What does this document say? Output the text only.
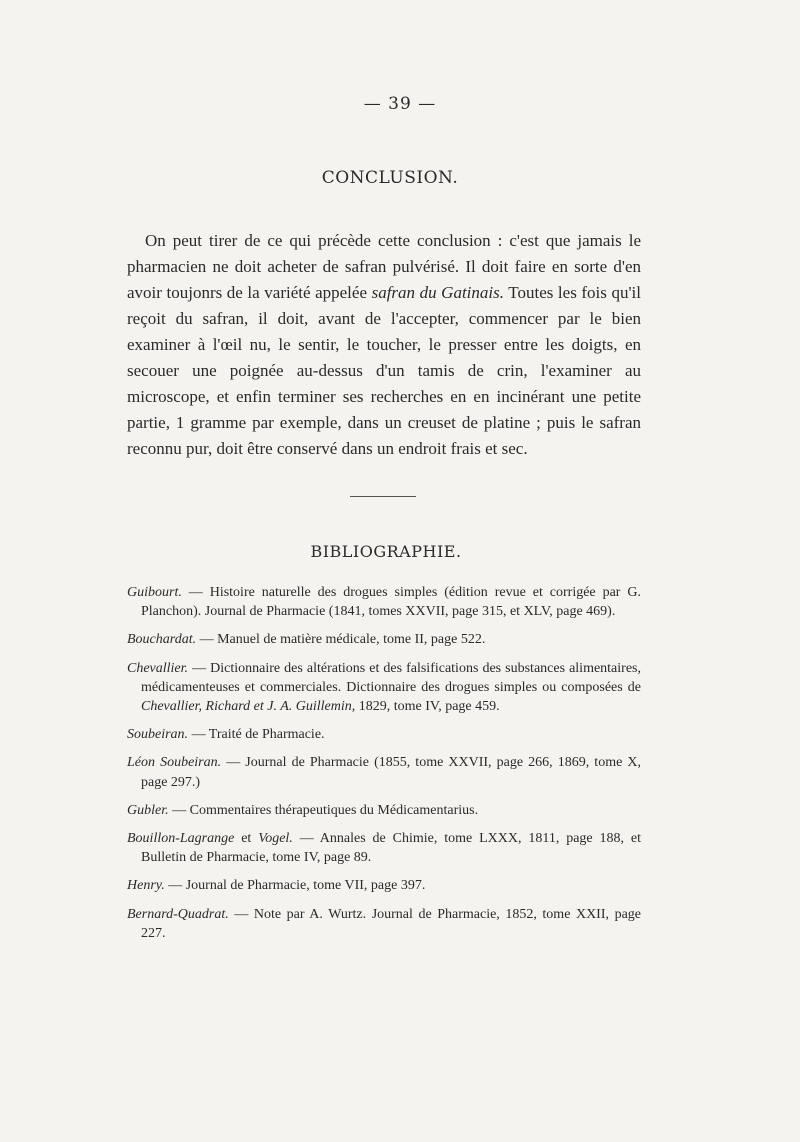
— 39 —
CONCLUSION.

On peut tirer de ce qui précède cette conclusion : c'est que jamais le pharmacien ne doit acheter de safran pulvérisé. Il doit faire en sorte d'en avoir toujonrs de la variété appelée safran du Gatinais. Toutes les fois qu'il reçoit du safran, il doit, avant de l'accepter, commencer par le bien examiner à l'œil nu, le sentir, le toucher, le presser entre les doigts, en secouer une poignée au-dessus d'un tamis de crin, l'examiner au microscope, et enfin terminer ses recherches en en incinérant une petite partie, 1 gramme par exemple, dans un creuset de platine ; puis le safran reconnu pur, doit être conservé dans un endroit frais et sec.

BIBLIOGRAPHIE.

Guibourt. — Histoire naturelle des drogues simples (édition revue et corrigée par G. Planchon). Journal de Pharmacie (1841, tomes XXVII, page 315, et XLV, page 469).

Bouchardat. — Manuel de matière médicale, tome II, page 522.

Chevallier. — Dictionnaire des altérations et des falsifications des substances alimentaires, médicamenteuses et commerciales. Dictionnaire des drogues simples ou composées de Chevallier, Richard et J. A. Guillemin, 1829, tome IV, page 459.

Soubeiran. — Traité de Pharmacie.

Léon Soubeiran. — Journal de Pharmacie (1855, tome XXVII, page 266, 1869, tome X, page 297.)

Gubler. — Commentaires thérapeutiques du Médicamentarius.

Bouillon-Lagrange et Vogel. — Annales de Chimie, tome LXXX, 1811, page 188, et Bulletin de Pharmacie, tome IV, page 89.

Henry. — Journal de Pharmacie, tome VII, page 397.

Bernard-Quadrat. — Note par A. Wurtz. Journal de Pharmacie, 1852, tome XXII, page 227.
